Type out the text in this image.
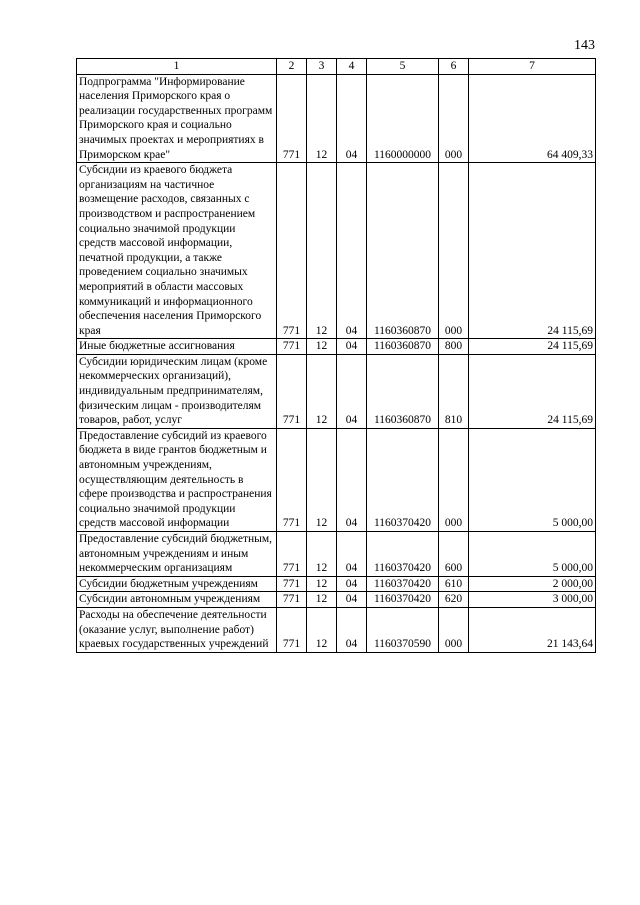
143
1	2	3	4	5	6	7
Подпрограмма "Информирование населения Приморского края о реализации государственных программ Приморского края и социально значимых проектах и мероприятиях в Приморском крае"	771	12	04	1160000000	000	64 409,33
Субсидии из краевого бюджета организациям на частичное возмещение расходов, связанных с производством и распространением социально значимой продукции средств массовой информации, печатной продукции, а также проведением социально значимых мероприятий в области массовых коммуникаций и информационного обеспечения населения Приморского края	771	12	04	1160360870	000	24 115,69
Иные бюджетные ассигнования	771	12	04	1160360870	800	24 115,69
Субсидии юридическим лицам (кроме некоммерческих организаций), индивидуальным предпринимателям, физическим лицам - производителям товаров, работ, услуг	771	12	04	1160360870	810	24 115,69
Предоставление субсидий из краевого бюджета в виде грантов бюджетным и автономным учреждениям, осуществляющим деятельность в сфере производства и распространения социально значимой продукции средств массовой информации	771	12	04	1160370420	000	5 000,00
Предоставление субсидий бюджетным, автономным учреждениям и иным некоммерческим организациям	771	12	04	1160370420	600	5 000,00
Субсидии бюджетным учреждениям	771	12	04	1160370420	610	2 000,00
Субсидии автономным учреждениям	771	12	04	1160370420	620	3 000,00
Расходы на обеспечение деятельности (оказание услуг, выполнение работ) краевых государственных учреждений	771	12	04	1160370590	000	21 143,64
